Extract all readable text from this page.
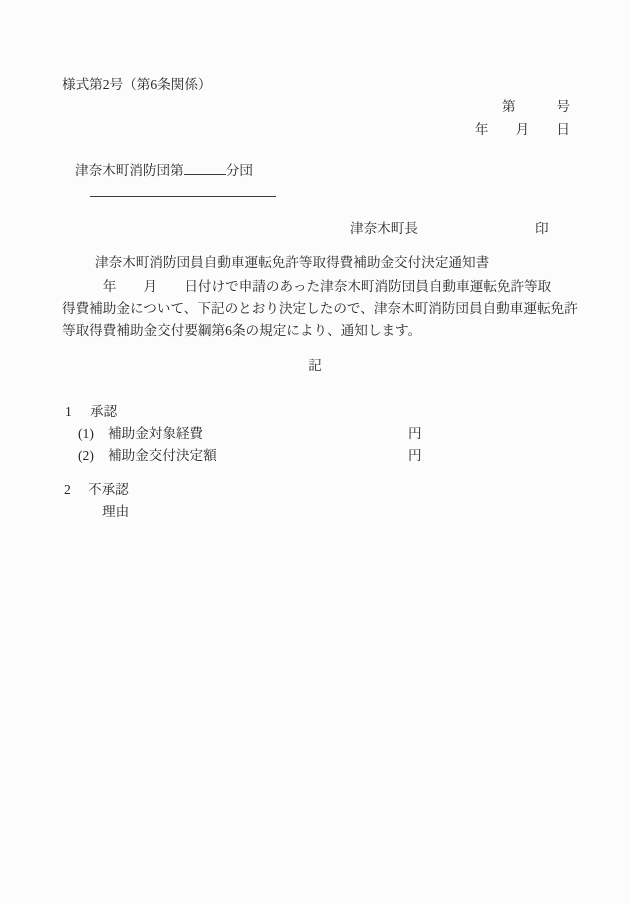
様式第2号（第6条関係）
第　　　号
年　　月　　日
津奈木町消防団第	分団
津奈木町長	印
津奈木町消防団員自動車運転免許等取得費補助金交付決定通知書
　　　年　　月　　日付けで申請のあった津奈木町消防団員自動車運転免許等取
得費補助金について、下記のとおり決定したので、津奈木町消防団員自動車運転免許
等取得費補助金交付要綱第6条の規定により、通知します。
記
1 承認
(1) 補助金対象経費	円
(2) 補助金交付決定額	円
2 不承認
理由
